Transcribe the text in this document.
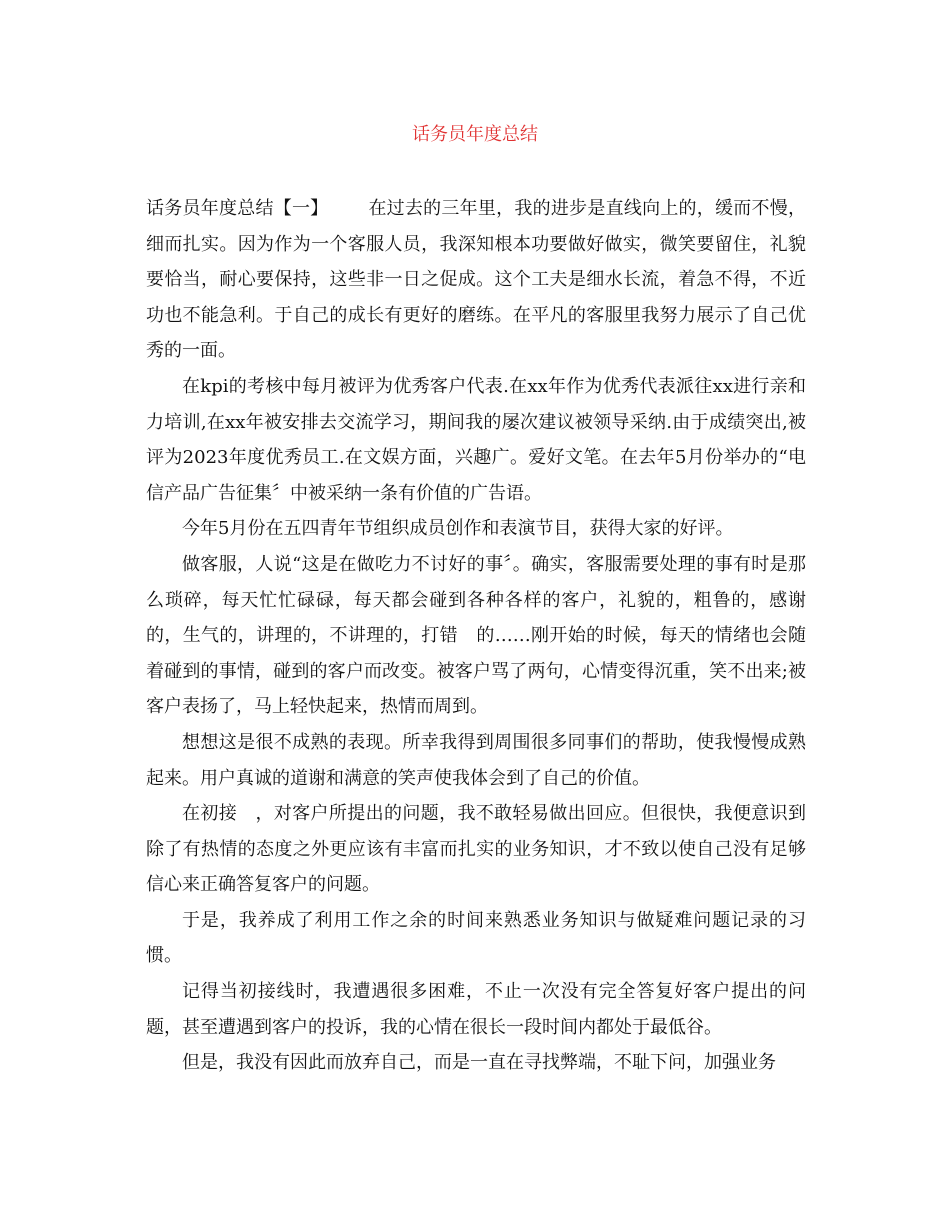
话务员年度总结

话务员年度总结【一】 在过去的三年里，我的进步是直线向上的，缓而不慢，细而扎实。因为作为一个客服人员，我深知根本功要做好做实，微笑要留住，礼貌要恰当，耐心要保持，这些非一日之促成。这个工夫是细水长流，着急不得，不近功也不能急利。于自己的成长有更好的磨练。在平凡的客服里我努力展示了自己优秀的一面。

在kpi的考核中每月被评为优秀客户代表.在xx年作为优秀代表派往xx进行亲和力培训,在xx年被安排去交流学习，期间我的屡次建议被领导采纳.由于成绩突出,被评为2023年度优秀员工.在文娱方面，兴趣广。爱好文笔。在去年5月份举办的“电信产品广告征集〞中被采纳一条有价值的广告语。

今年5月份在五四青年节组织成员创作和表演节目，获得大家的好评。

做客服，人说“这是在做吃力不讨好的事〞。确实，客服需要处理的事有时是那么琐碎，每天忙忙碌碌，每天都会碰到各种各样的客户，礼貌的，粗鲁的，感谢的，生气的，讲理的，不讲理的，打错　的……刚开始的时候，每天的情绪也会随着碰到的事情，碰到的客户而改变。被客户骂了两句，心情变得沉重，笑不出来;被客户表扬了，马上轻快起来，热情而周到。

想想这是很不成熟的表现。所幸我得到周围很多同事们的帮助，使我慢慢成熟起来。用户真诚的道谢和满意的笑声使我体会到了自己的价值。

在初接　，对客户所提出的问题，我不敢轻易做出回应。但很快，我便意识到除了有热情的态度之外更应该有丰富而扎实的业务知识，才不致以使自己没有足够信心来正确答复客户的问题。

于是，我养成了利用工作之余的时间来熟悉业务知识与做疑难问题记录的习惯。

记得当初接线时，我遭遇很多困难，不止一次没有完全答复好客户提出的问题，甚至遭遇到客户的投诉，我的心情在很长一段时间内都处于最低谷。

但是，我没有因此而放弃自己，而是一直在寻找弊端，不耻下问，加强业务
